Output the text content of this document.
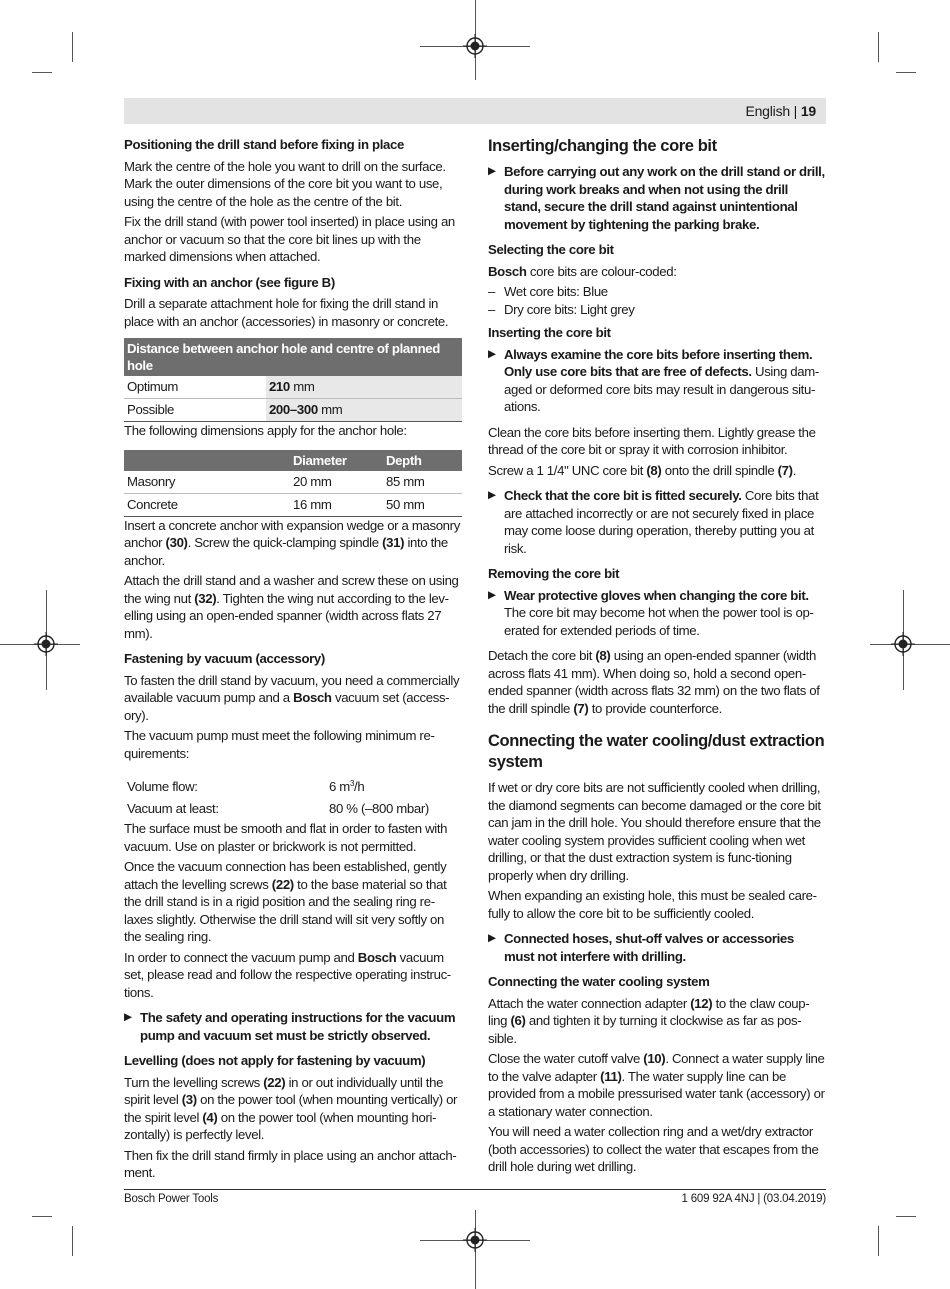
English | 19
Positioning the drill stand before fixing in place

Mark the centre of the hole you want to drill on the surface. Mark the outer dimensions of the core bit you want to use, using the centre of the hole as the centre of the bit.

Fix the drill stand (with power tool inserted) in place using an anchor or vacuum so that the core bit lines up with the marked dimensions when attached.

Fixing with an anchor (see figure B)

Drill a separate attachment hole for fixing the drill stand in place with an anchor (accessories) in masonry or concrete.

Distance between anchor hole and centre of planned hole	
Optimum	210 mm
Possible	200–300 mm

The following dimensions apply for the anchor hole:

	Diameter	Depth
Masonry	20 mm	85 mm
Concrete	16 mm	50 mm

Insert a concrete anchor with expansion wedge or a masonry anchor (30). Screw the quick-clamping spindle (31) into the anchor.

Attach the drill stand and a washer and screw these on using the wing nut (32). Tighten the wing nut according to the lev-elling using an open-ended spanner (width across flats 27 mm).

Fastening by vacuum (accessory)

To fasten the drill stand by vacuum, you need a commercially available vacuum pump and a Bosch vacuum set (access-ory).

The vacuum pump must meet the following minimum re-quirements:

Volume flow:	6 $m^3/h$
Vacuum at least:	80 % (–800 mbar)

The surface must be smooth and flat in order to fasten with vacuum. Use on plaster or brickwork is not permitted.

Once the vacuum connection has been established, gently attach the levelling screws (22) to the base material so that the drill stand is in a rigid position and the sealing ring re-laxes slightly. Otherwise the drill stand will sit very softly on the sealing ring.

In order to connect the vacuum pump and Bosch vacuum set, please read and follow the respective operating instruc-tions.

▶ The safety and operating instructions for the vacuum pump and vacuum set must be strictly observed.
Levelling (does not apply for fastening by vacuum)

Turn the levelling screws (22) in or out individually until the spirit level (3) on the power tool (when mounting vertically) or the spirit level (4) on the power tool (when mounting hori-zontally) is perfectly level.

Then fix the drill stand firmly in place using an anchor attach-ment.

Inserting/changing the core bit
▶ Before carrying out any work on the drill stand or drill, during work breaks and when not using the drill stand, secure the drill stand against unintentional movement by tightening the parking brake.
Selecting the core bit

Bosch core bits are colour-coded:

– Wet core bits: Blue
– Dry core bits: Light grey
Inserting the core bit
▶ Always examine the core bits before inserting them. Only use core bits that are free of defects. Using dam-aged or deformed core bits may result in dangerous situ-ations.

Clean the core bits before inserting them. Lightly grease the thread of the core bit or spray it with corrosion inhibitor.

Screw a 1 1/4" UNC core bit (8) onto the drill spindle (7).

▶ Check that the core bit is fitted securely. Core bits that are attached incorrectly or are not securely fixed in place may come loose during operation, thereby putting you at risk.
Removing the core bit
▶ Wear protective gloves when changing the core bit. The core bit may become hot when the power tool is op-erated for extended periods of time.

Detach the core bit (8) using an open-ended spanner (width across flats 41 mm). When doing so, hold a second open-ended spanner (width across flats 32 mm) on the two flats of the drill spindle (7) to provide counterforce.

Connecting the water cooling/dust extraction system

If wet or dry core bits are not sufficiently cooled when drilling, the diamond segments can become damaged or the core bit can jam in the drill hole. You should therefore ensure that the water cooling system provides sufficient cooling when wet drilling, or that the dust extraction system is func-tioning properly when dry drilling.

When expanding an existing hole, this must be sealed care-fully to allow the core bit to be sufficiently cooled.

▶ Connected hoses, shut-off valves or accessories must not interfere with drilling.
Connecting the water cooling system

Attach the water connection adapter (12) to the claw coup-ling (6) and tighten it by turning it clockwise as far as pos-sible.

Close the water cutoff valve (10). Connect a water supply line to the valve adapter (11). The water supply line can be provided from a mobile pressurised water tank (accessory) or a stationary water connection.

You will need a water collection ring and a wet/dry extractor (both accessories) to collect the water that escapes from the drill hole during wet drilling.

Bosch Power Tools	1 609 92A 4NJ | (03.04.2019)
